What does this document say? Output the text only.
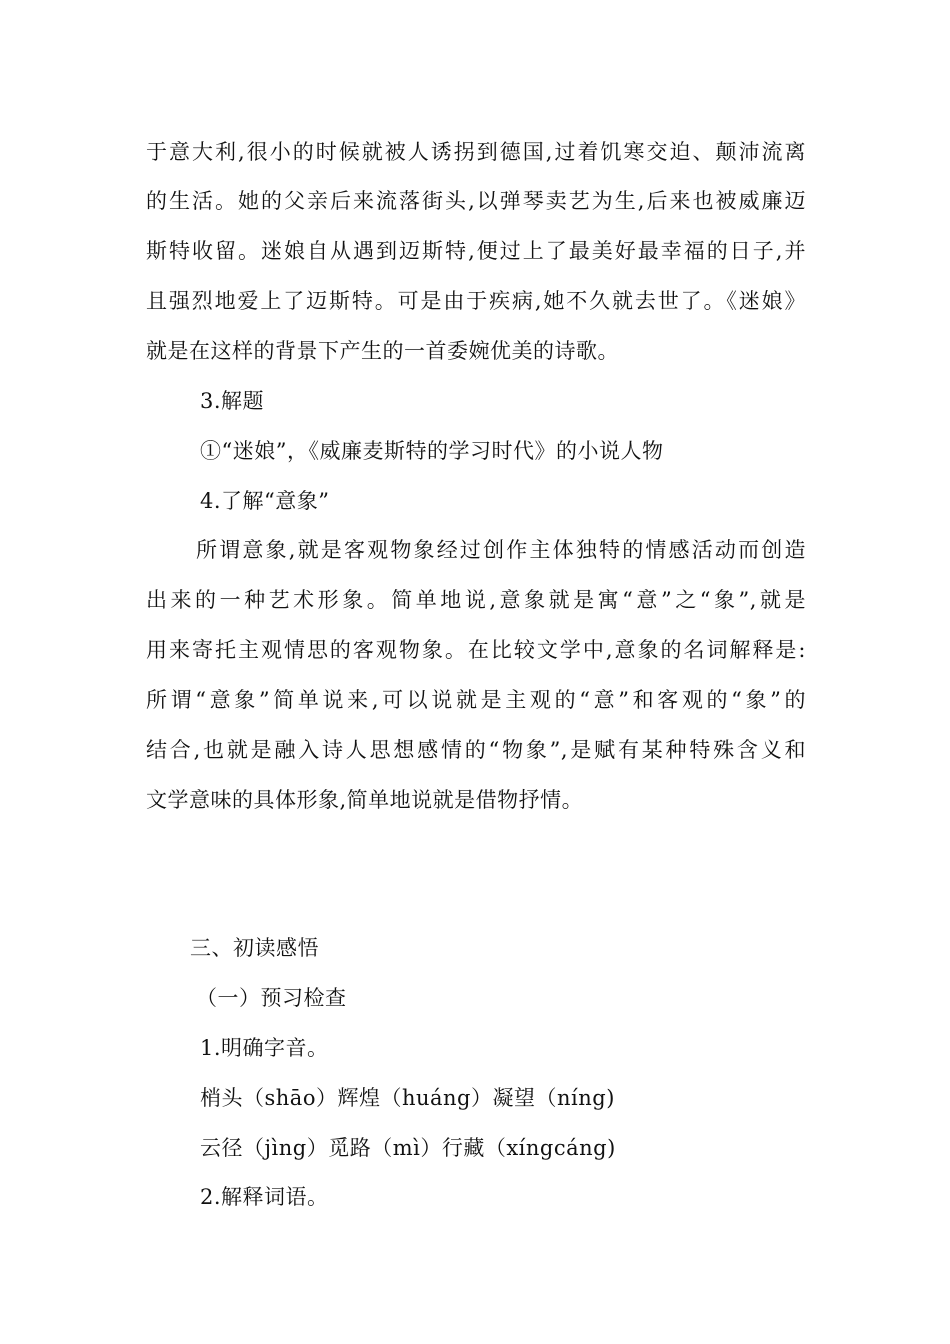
于意大利,很小的时候就被人诱拐到德国,过着饥寒交迫、颠沛流离
的生活。她的父亲后来流落街头,以弹琴卖艺为生,后来也被威廉迈
斯特收留。迷娘自从遇到迈斯特,便过上了最美好最幸福的日子,并
且强烈地爱上了迈斯特。可是由于疾病,她不久就去世了。《迷娘》
就是在这样的背景下产生的一首委婉优美的诗歌。
3.解题
①“迷娘”，《威廉麦斯特的学习时代》的小说人物
4.了解“意象”
所谓意象,就是客观物象经过创作主体独特的情感活动而创造
出来的一种艺术形象。简单地说,意象就是寓“意”之“象”,就是
用来寄托主观情思的客观物象。在比较文学中,意象的名词解释是:
所谓“意象”简单说来,可以说就是主观的“意”和客观的“象”的
结合,也就是融入诗人思想感情的“物象”,是赋有某种特殊含义和
文学意味的具体形象,简单地说就是借物抒情。
三、初读感悟
（一）预习检查
1.明确字音。
梢头（shāo）辉煌（huáng）凝望（níng)
云径（jìng）觅路（mì）行藏（xíngcáng)
2.解释词语。
